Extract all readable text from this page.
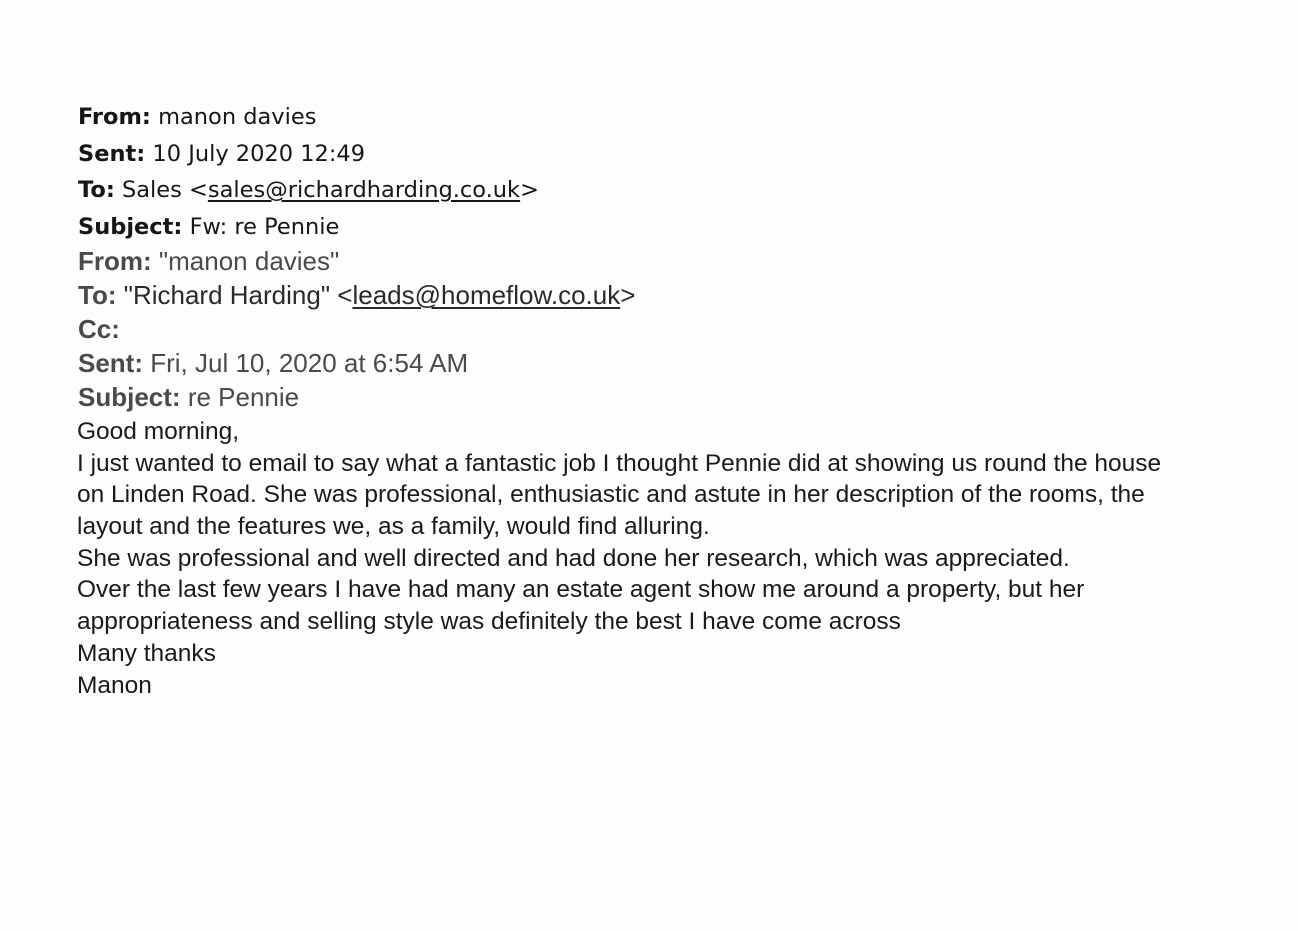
From: manon davies
Sent: 10 July 2020 12:49
To: Sales <sales@richardharding.co.uk>
Subject: Fw: re Pennie
From: "manon davies"
To: "Richard Harding" <leads@homeflow.co.uk>
Cc:
Sent: Fri, Jul 10, 2020 at 6:54 AM
Subject: re Pennie
Good morning,
I just wanted to email to say what a fantastic job I thought Pennie did at showing us round the house
on Linden Road. She was professional, enthusiastic and astute in her description of the rooms, the
layout and the features we, as a family, would find alluring.
She was professional and well directed and had done her research, which was appreciated.
Over the last few years I have had many an estate agent show me around a property, but her
appropriateness and selling style was definitely the best I have come across
Many thanks
Manon
